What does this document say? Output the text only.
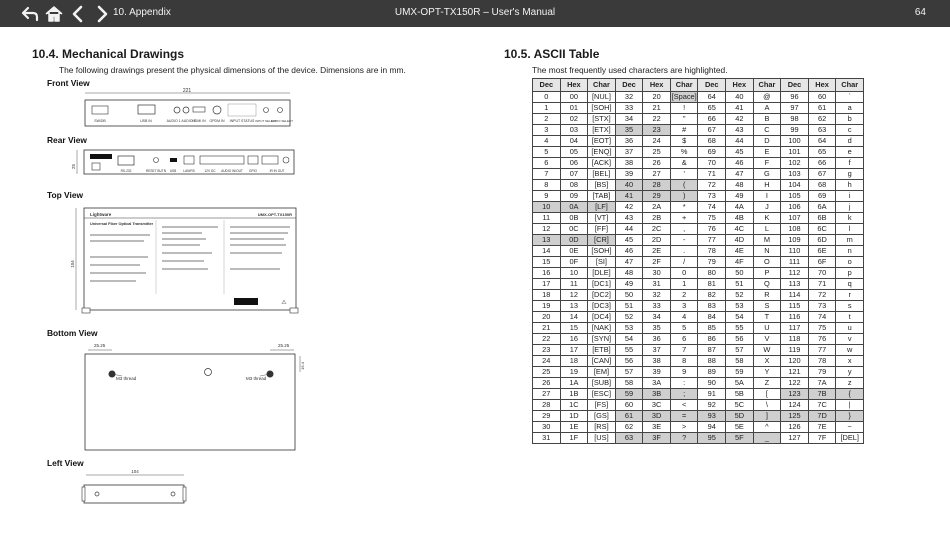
10. Appendix	UMX-OPT-TX150R – User's Manual	64
10.4. Mechanical Drawings

The following drawings present the physical dimensions of the device. Dimensions are in mm.

Front View
221
SW/DB	USB IN	AUDIO 1 AUDIO 2
HDMI IN OPDM IN INPUT STATUS INPUT SELECT
AUDIO SELECT
Rear View
25
RS-232	RESET BUTN USB LAN/RS	12V DC AUDIO IN/OUT GPIO	IR IN OUT
Top View
104
Lightware	UMX-OPT-TX150R
Universal Fiber Optical Transmitter
⚠
Bottom View
25.25	25.25
16.4
M3 thread	M3 thread
Left View
104
10.5. ASCII Table

The most frequently used characters are highlighted.

Dec	Hex	Char	Dec	Hex	Char	Dec	Hex	Char	Dec	Hex	Char
0	00	[NUL]	32	20	[Space]	64	40	@	96	60	`
1	01	[SOH]	33	21	!	65	41	A	97	61	a
2	02	[STX]	34	22	"	66	42	B	98	62	b
3	03	[ETX]	35	23	#	67	43	C	99	63	c
4	04	[EOT]	36	24	$	68	44	D	100	64	d
5	05	[ENQ]	37	25	%	69	45	E	101	65	e
6	06	[ACK]	38	26	&	70	46	F	102	66	f
7	07	[BEL]	39	27	'	71	47	G	103	67	g
8	08	[BS]	40	28	(	72	48	H	104	68	h
9	09	[TAB]	41	29	)	73	49	I	105	69	i
10	0A	[LF]	42	2A	*	74	4A	J	106	6A	j
11	0B	[VT]	43	2B	+	75	4B	K	107	6B	k
12	0C	[FF]	44	2C	,	76	4C	L	108	6C	l
13	0D	[CR]	45	2D	-	77	4D	M	109	6D	m
14	0E	[SOH]	46	2E	.	78	4E	N	110	6E	n
15	0F	[SI]	47	2F	/	79	4F	O	111	6F	o
16	10	[DLE]	48	30	0	80	50	P	112	70	p
17	11	[DC1]	49	31	1	81	51	Q	113	71	q
18	12	[DC2]	50	32	2	82	52	R	114	72	r
19	13	[DC3]	51	33	3	83	53	S	115	73	s
20	14	[DC4]	52	34	4	84	54	T	116	74	t
21	15	[NAK]	53	35	5	85	55	U	117	75	u
22	16	[SYN]	54	36	6	86	56	V	118	76	v
23	17	[ETB]	55	37	7	87	57	W	119	77	w
24	18	[CAN]	56	38	8	88	58	X	120	78	x
25	19	[EM]	57	39	9	89	59	Y	121	79	y
26	1A	[SUB]	58	3A	:	90	5A	Z	122	7A	z
27	1B	[ESC]	59	3B	;	91	5B	[	123	7B	{
28	1C	[FS]	60	3C	<	92	5C	\	124	7C	|
29	1D	[GS]	61	3D	=	93	5D	]	125	7D	}
30	1E	[RS]	62	3E	>	94	5E	^	126	7E	~
31	1F	[US]	63	3F	?	95	5F	_	127	7F	[DEL]
